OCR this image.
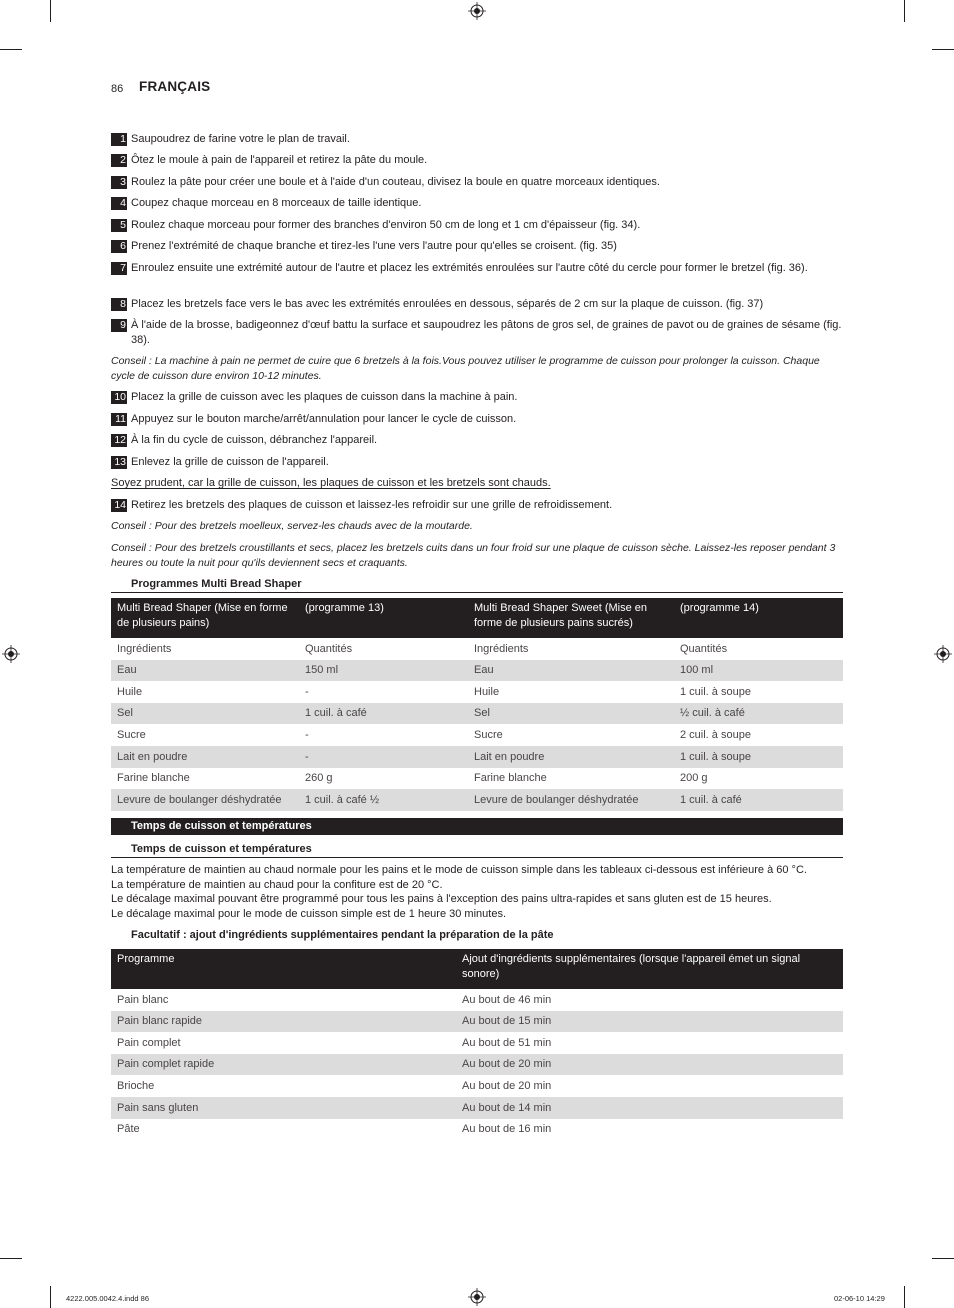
86 FRANÇAIS
1 Saupoudrez de farine votre le plan de travail.
2 Ôtez le moule à pain de l'appareil et retirez la pâte du moule.
3 Roulez la pâte pour créer une boule et à l'aide d'un couteau, divisez la boule en quatre morceaux identiques.
4 Coupez chaque morceau en 8 morceaux de taille identique.
5 Roulez chaque morceau pour former des branches d'environ 50 cm de long et 1 cm d'épaisseur (fig. 34).
6 Prenez l'extrémité de chaque branche et tirez-les l'une vers l'autre pour qu'elles se croisent. (fig. 35)
7 Enroulez ensuite une extrémité autour de l'autre et placez les extrémités enroulées sur l'autre côté du cercle pour former le bretzel (fig. 36).
8 Placez les bretzels face vers le bas avec les extrémités enroulées en dessous, séparés de 2 cm sur la plaque de cuisson. (fig. 37)
9 À l'aide de la brosse, badigeonnez d'œuf battu la surface et saupoudrez les pâtons de gros sel, de graines de pavot ou de graines de sésame (fig. 38).
Conseil : La machine à pain ne permet de cuire que 6 bretzels à la fois.Vous pouvez utiliser le programme de cuisson pour prolonger la cuisson. Chaque cycle de cuisson dure environ 10-12 minutes.
10 Placez la grille de cuisson avec les plaques de cuisson dans la machine à pain.
11 Appuyez sur le bouton marche/arrêt/annulation pour lancer le cycle de cuisson.
12 À la fin du cycle de cuisson, débranchez l'appareil.
13 Enlevez la grille de cuisson de l'appareil.
Soyez prudent, car la grille de cuisson, les plaques de cuisson et les bretzels sont chauds.
14 Retirez les bretzels des plaques de cuisson et laissez-les refroidir sur une grille de refroidissement.
Conseil : Pour des bretzels moelleux, servez-les chauds avec de la moutarde.
Conseil : Pour des bretzels croustillants et secs, placez les bretzels cuits dans un four froid sur une plaque de cuisson sèche. Laissez-les reposer pendant 3 heures ou toute la nuit pour qu'ils deviennent secs et craquants.
Programmes Multi Bread Shaper
Multi Bread Shaper (Mise en forme de plusieurs pains)	(programme 13)	Multi Bread Shaper Sweet (Mise en forme de plusieurs pains sucrés)	(programme 14)
Ingrédients	Quantités	Ingrédients	Quantités
Eau	150 ml	Eau	100 ml
Huile	-	Huile	1 cuil. à soupe
Sel	1 cuil. à café	Sel	½ cuil. à café
Sucre	-	Sucre	2 cuil. à soupe
Lait en poudre	-	Lait en poudre	1 cuil. à soupe
Farine blanche	260 g	Farine blanche	200 g
Levure de boulanger déshydratée	1 cuil. à café ½	Levure de boulanger déshydratée	1 cuil. à café
Temps de cuisson et températures
Temps de cuisson et températures
La température de maintien au chaud normale pour les pains et le mode de cuisson simple dans les tableaux ci-dessous est inférieure à 60 °C.
La température de maintien au chaud pour la confiture est de 20 °C.
Le décalage maximal pouvant être programmé pour tous les pains à l'exception des pains ultra-rapides et sans gluten est de 15 heures.
Le décalage maximal pour le mode de cuisson simple est de 1 heure 30 minutes.
Facultatif : ajout d'ingrédients supplémentaires pendant la préparation de la pâte
Programme	Ajout d'ingrédients supplémentaires (lorsque l'appareil émet un signal sonore)
Pain blanc	Au bout de 46 min
Pain blanc rapide	Au bout de 15 min
Pain complet	Au bout de 51 min
Pain complet rapide	Au bout de 20 min
Brioche	Au bout de 20 min
Pain sans gluten	Au bout de 14 min
Pâte	Au bout de 16 min
4222.005.0042.4.indd 86	02-06-10 14:29
